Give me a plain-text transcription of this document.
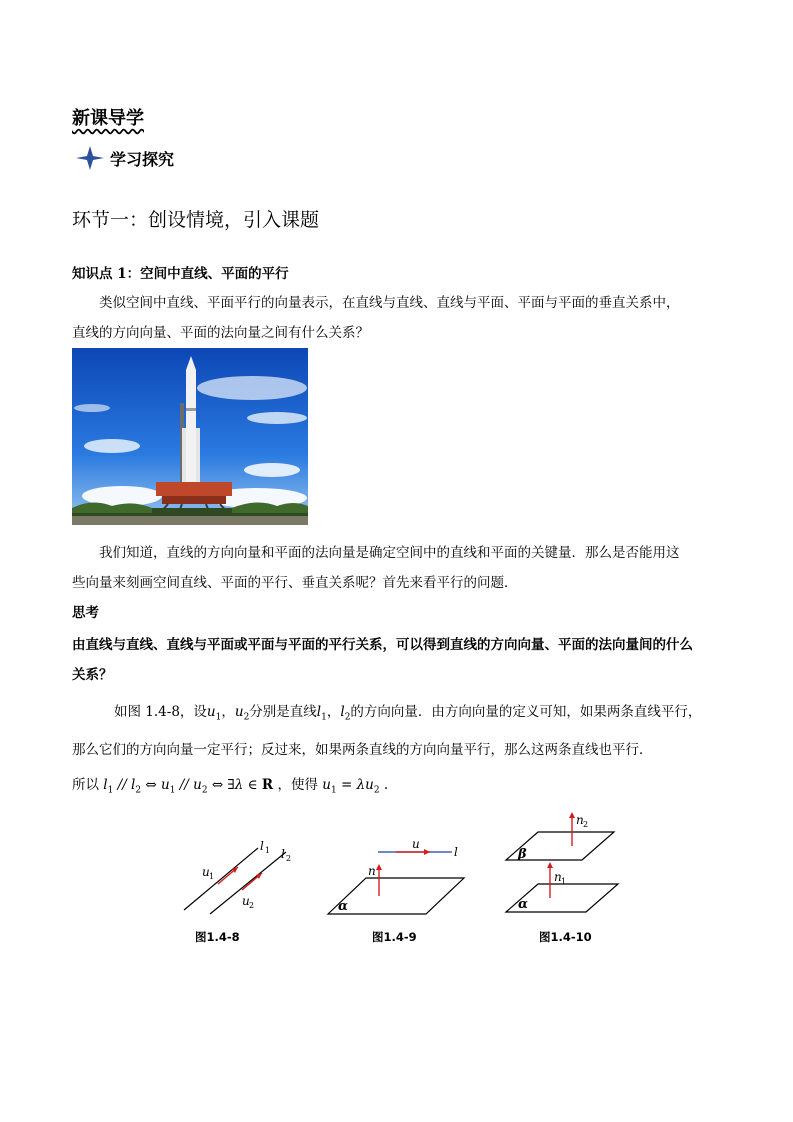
新课导学
学习探究
环节一：创设情境，引入课题
知识点 1：空间中直线、平面的平行
类似空间中直线、平面平行的向量表示，在直线与直线、直线与平面、平面与平面的垂直关系中，
直线的方向向量、平面的法向量之间有什么关系？
我们知道，直线的方向向量和平面的法向量是确定空间中的直线和平面的关键量．那么是否能用这
些向量来刻画空间直线、平面的平行、垂直关系呢？首先来看平行的问题．
思考
由直线与直线、直线与平面或平面与平面的平行关系，可以得到直线的方向向量、平面的法向量间的什么
关系？
如图 1.4-8，设$u_1$，$u_2$分别是直线$l_1$，$l_2$的方向向量．由方向向量的定义可知，如果两条直线平行，
那么它们的方向向量一定平行；反过来，如果两条直线的方向向量平行，那么这两条直线也平行．
所以 $l_1 // l_2$ ⇔ $u_1 // u_2$ ⇔ ∃λ ∈ R ，使得 $u_1 = \lambda u_2$ .
l 1 l 2
u 1
u 2
u
l
n
α
n 2
n 1
β
α
图1.4-8	图1.4-9	图1.4-10
